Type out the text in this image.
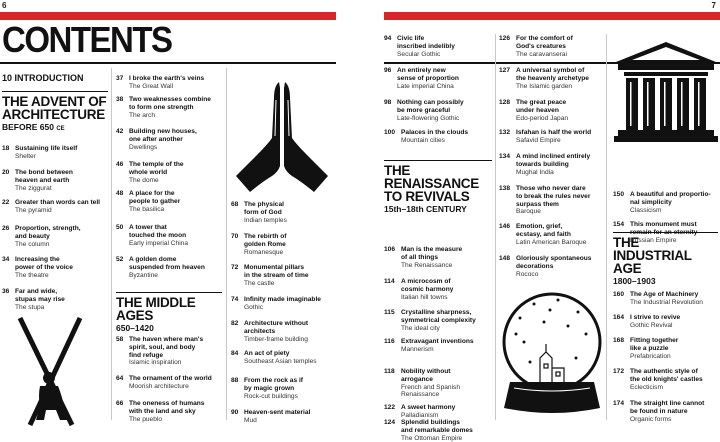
6	7
CONTENTS
10 INTRODUCTION
THE ADVENT OF
ARCHITECTURE
BEFORE 650 CE
THE MIDDLE AGES
650–1420
THE RENAISSANCE
TO REVIVALS
15th–18th CENTURY
THE
INDUSTRIAL AGE
1800–1903
18 Sustaining life itself
Shelter
20 The bond between
heaven and earth
The ziggurat
22 Greater than words can tell
The pyramid
26 Proportion, strength,
and beauty
The column
34 Increasing the
power of the voice
The theatre
36 Far and wide,
stupas may rise
The stupa
37 I broke the earth's veins
The Great Wall
38 Two weaknesses combine
to form one strength
The arch
42 Building new houses,
one after another
Dwellings
46 The temple of the
whole world
The dome
48 A place for the
people to gather
The basilica
50 A tower that
touched the moon
Early imperial China
52 A golden dome
suspended from heaven
Byzantine
58 The haven where man's
spirit, soul, and body
find refuge
Islamic inspiration
64 The ornament of the world
Moorish architecture
66 The oneness of humans
with the land and sky
The pueblo
68 The physical
form of God
Indian temples
70 The rebirth of
golden Rome
Romanesque
72 Monumental pillars
in the stream of time
The castle
74 Infinity made imaginable
Gothic
82 Architecture without
architects
Timber-frame building
84 An act of piety
Southeast Asian temples
88 From the rock as if
by magic grown
Rock-cut buildings
90 Heaven-sent material
Mud
94 Civic life
inscribed indelibly
Secular Gothic
96 An entirely new
sense of proportion
Late imperial China
98 Nothing can possibly
be more graceful
Late-flowering Gothic
100 Palaces in the clouds
Mountain cities
106 Man is the measure
of all things
The Renaissance
114 A microcosm of
cosmic harmony
Italian hill towns
115 Crystalline sharpness,
symmetrical complexity
The ideal city
116 Extravagant inventions
Mannerism
118 Nobility without
arrogance
French and Spanish Renaissance
122 A sweet harmony
Palladianism
124 Splendid buildings
and remarkable domes
The Ottoman Empire
126 For the comfort of
God's creatures
The caravanserai
127 A universal symbol of
the heavenly archetype
The Islamic garden
128 The great peace
under heaven
Edo-period Japan
132 Isfahan is half the world
Safavid Empire
134 A mind inclined entirely
towards building
Mughal India
138 Those who never dare
to break the rules never
surpass them
Baroque
146 Emotion, grief,
ecstasy, and faith
Latin American Baroque
148 Gloriously spontaneous
decorations
Rococo
150 A beautiful and proportio-
nal simplicity
Classicism
154 This monument must
remain for an eternity
Russian Empire
160 The Age of Machinery
The Industrial Revolution
164 I strive to revive
Gothic Revival
168 Fitting together
like a puzzle
Prefabrication
172 The authentic style of
the old knights' castles
Eclecticism
174 The straight line cannot
be found in nature
Organic forms
